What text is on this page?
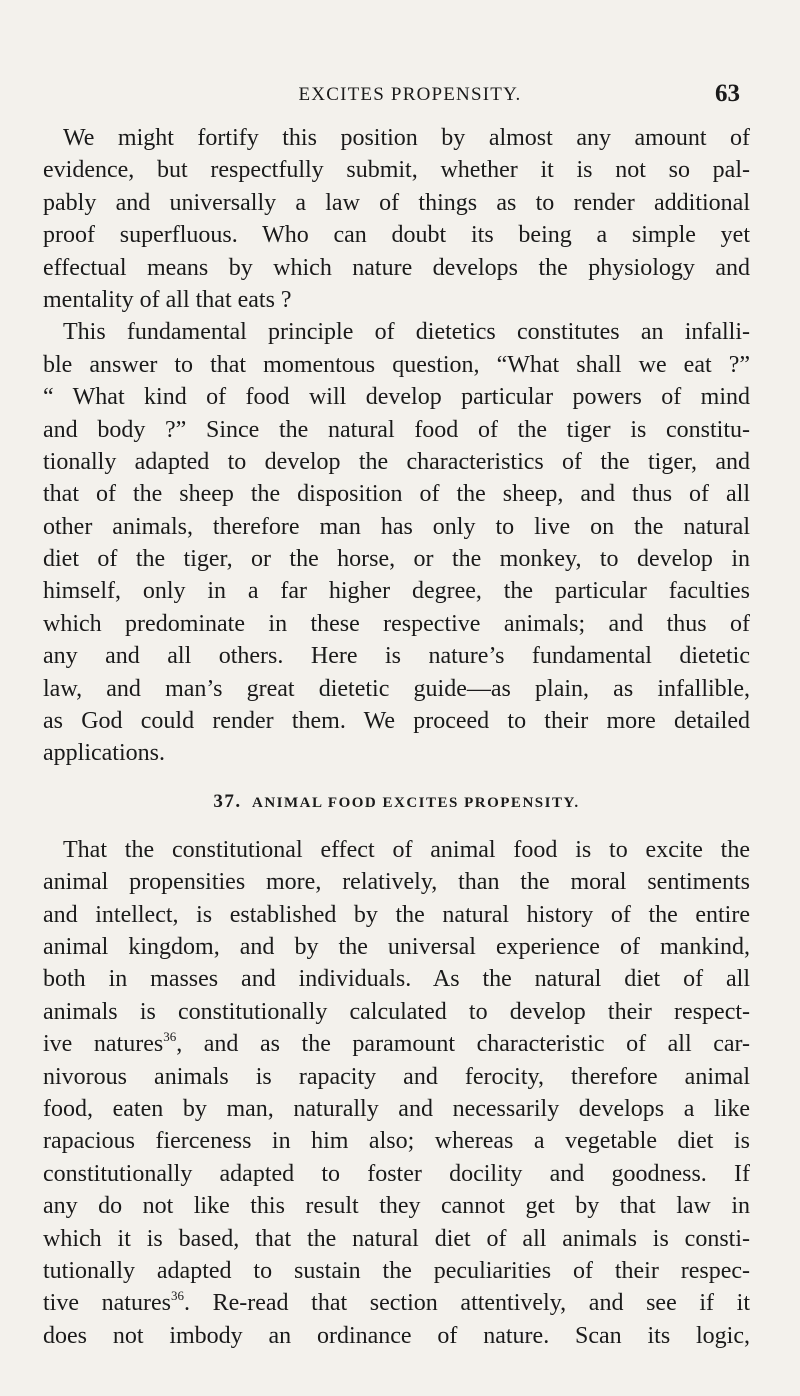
EXCITES PROPENSITY.	63
We might fortify this position by almost any amount of
evidence, but respectfully submit, whether it is not so pal-
pably and universally a law of things as to render additional
proof superfluous. Who can doubt its being a simple yet
effectual means by which nature develops the physiology and
mentality of all that eats ?
This fundamental principle of dietetics constitutes an infalli-
ble answer to that momentous question, “What shall we eat ?”
“ What kind of food will develop particular powers of mind
and body ?” Since the natural food of the tiger is constitu-
tionally adapted to develop the characteristics of the tiger, and
that of the sheep the disposition of the sheep, and thus of all
other animals, therefore man has only to live on the natural
diet of the tiger, or the horse, or the monkey, to develop in
himself, only in a far higher degree, the particular faculties
which predominate in these respective animals; and thus of
any and all others. Here is nature’s fundamental dietetic
law, and man’s great dietetic guide—as plain, as infallible,
as God could render them. We proceed to their more detailed
applications.
37. ANIMAL FOOD EXCITES PROPENSITY.
That the constitutional effect of animal food is to excite the
animal propensities more, relatively, than the moral sentiments
and intellect, is established by the natural history of the entire
animal kingdom, and by the universal experience of mankind,
both in masses and individuals. As the natural diet of all
animals is constitutionally calculated to develop their respect-
ive natures$^{36}$, and as the paramount characteristic of all car-
nivorous animals is rapacity and ferocity, therefore animal
food, eaten by man, naturally and necessarily develops a like
rapacious fierceness in him also; whereas a vegetable diet is
constitutionally adapted to foster docility and goodness. If
any do not like this result they cannot get by that law in
which it is based, that the natural diet of all animals is consti-
tutionally adapted to sustain the peculiarities of their respec-
tive natures$^{36}$. Re-read that section attentively, and see if it
does not imbody an ordinance of nature. Scan its logic,
